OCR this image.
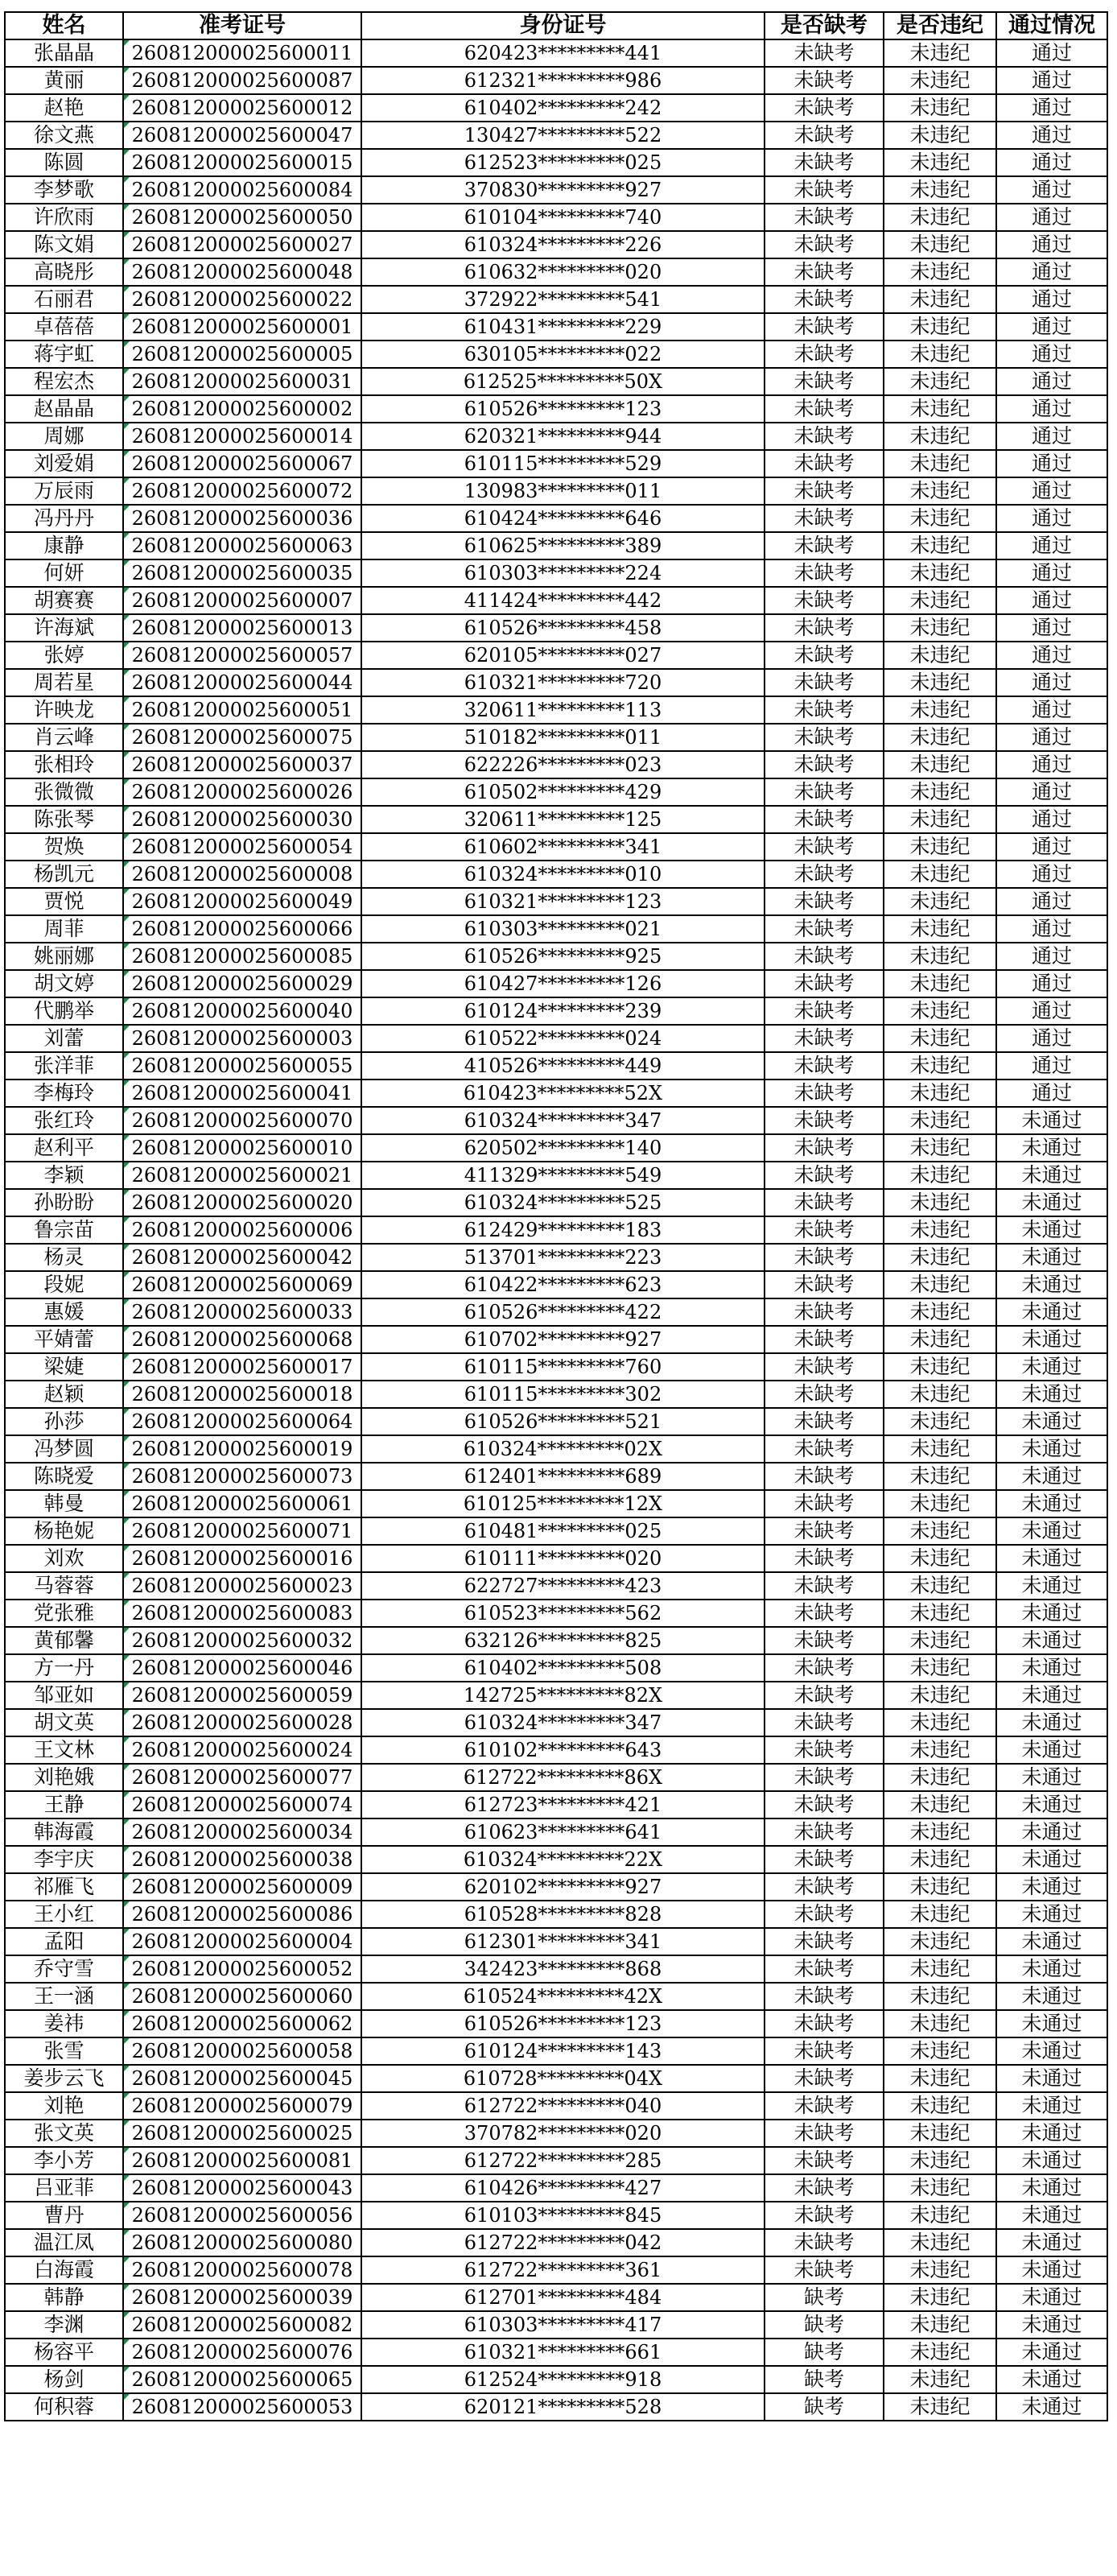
姓名	准考证号	身份证号	是否缺考	是否违纪	通过情况
张晶晶	260812000025600011	620423*********441	未缺考	未违纪	通过
黄丽	260812000025600087	612321*********986	未缺考	未违纪	通过
赵艳	260812000025600012	610402*********242	未缺考	未违纪	通过
徐文燕	260812000025600047	130427*********522	未缺考	未违纪	通过
陈圆	260812000025600015	612523*********025	未缺考	未违纪	通过
李梦歌	260812000025600084	370830*********927	未缺考	未违纪	通过
许欣雨	260812000025600050	610104*********740	未缺考	未违纪	通过
陈文娟	260812000025600027	610324*********226	未缺考	未违纪	通过
高晓彤	260812000025600048	610632*********020	未缺考	未违纪	通过
石丽君	260812000025600022	372922*********541	未缺考	未违纪	通过
卓蓓蓓	260812000025600001	610431*********229	未缺考	未违纪	通过
蒋宇虹	260812000025600005	630105*********022	未缺考	未违纪	通过
程宏杰	260812000025600031	612525*********50X	未缺考	未违纪	通过
赵晶晶	260812000025600002	610526*********123	未缺考	未违纪	通过
周娜	260812000025600014	620321*********944	未缺考	未违纪	通过
刘爱娟	260812000025600067	610115*********529	未缺考	未违纪	通过
万辰雨	260812000025600072	130983*********011	未缺考	未违纪	通过
冯丹丹	260812000025600036	610424*********646	未缺考	未违纪	通过
康静	260812000025600063	610625*********389	未缺考	未违纪	通过
何妍	260812000025600035	610303*********224	未缺考	未违纪	通过
胡赛赛	260812000025600007	411424*********442	未缺考	未违纪	通过
许海斌	260812000025600013	610526*********458	未缺考	未违纪	通过
张婷	260812000025600057	620105*********027	未缺考	未违纪	通过
周若星	260812000025600044	610321*********720	未缺考	未违纪	通过
许映龙	260812000025600051	320611*********113	未缺考	未违纪	通过
肖云峰	260812000025600075	510182*********011	未缺考	未违纪	通过
张相玲	260812000025600037	622226*********023	未缺考	未违纪	通过
张微微	260812000025600026	610502*********429	未缺考	未违纪	通过
陈张琴	260812000025600030	320611*********125	未缺考	未违纪	通过
贺焕	260812000025600054	610602*********341	未缺考	未违纪	通过
杨凯元	260812000025600008	610324*********010	未缺考	未违纪	通过
贾悦	260812000025600049	610321*********123	未缺考	未违纪	通过
周菲	260812000025600066	610303*********021	未缺考	未违纪	通过
姚丽娜	260812000025600085	610526*********925	未缺考	未违纪	通过
胡文婷	260812000025600029	610427*********126	未缺考	未违纪	通过
代鹏举	260812000025600040	610124*********239	未缺考	未违纪	通过
刘蕾	260812000025600003	610522*********024	未缺考	未违纪	通过
张洋菲	260812000025600055	410526*********449	未缺考	未违纪	通过
李梅玲	260812000025600041	610423*********52X	未缺考	未违纪	通过
张红玲	260812000025600070	610324*********347	未缺考	未违纪	未通过
赵利平	260812000025600010	620502*********140	未缺考	未违纪	未通过
李颖	260812000025600021	411329*********549	未缺考	未违纪	未通过
孙盼盼	260812000025600020	610324*********525	未缺考	未违纪	未通过
鲁宗苗	260812000025600006	612429*********183	未缺考	未违纪	未通过
杨灵	260812000025600042	513701*********223	未缺考	未违纪	未通过
段妮	260812000025600069	610422*********623	未缺考	未违纪	未通过
惠媛	260812000025600033	610526*********422	未缺考	未违纪	未通过
平婧蕾	260812000025600068	610702*********927	未缺考	未违纪	未通过
梁婕	260812000025600017	610115*********760	未缺考	未违纪	未通过
赵颖	260812000025600018	610115*********302	未缺考	未违纪	未通过
孙莎	260812000025600064	610526*********521	未缺考	未违纪	未通过
冯梦圆	260812000025600019	610324*********02X	未缺考	未违纪	未通过
陈晓爱	260812000025600073	612401*********689	未缺考	未违纪	未通过
韩曼	260812000025600061	610125*********12X	未缺考	未违纪	未通过
杨艳妮	260812000025600071	610481*********025	未缺考	未违纪	未通过
刘欢	260812000025600016	610111*********020	未缺考	未违纪	未通过
马蓉蓉	260812000025600023	622727*********423	未缺考	未违纪	未通过
党张雅	260812000025600083	610523*********562	未缺考	未违纪	未通过
黄郁馨	260812000025600032	632126*********825	未缺考	未违纪	未通过
方一丹	260812000025600046	610402*********508	未缺考	未违纪	未通过
邹亚如	260812000025600059	142725*********82X	未缺考	未违纪	未通过
胡文英	260812000025600028	610324*********347	未缺考	未违纪	未通过
王文林	260812000025600024	610102*********643	未缺考	未违纪	未通过
刘艳娥	260812000025600077	612722*********86X	未缺考	未违纪	未通过
王静	260812000025600074	612723*********421	未缺考	未违纪	未通过
韩海霞	260812000025600034	610623*********641	未缺考	未违纪	未通过
李宇庆	260812000025600038	610324*********22X	未缺考	未违纪	未通过
祁雁飞	260812000025600009	620102*********927	未缺考	未违纪	未通过
王小红	260812000025600086	610528*********828	未缺考	未违纪	未通过
孟阳	260812000025600004	612301*********341	未缺考	未违纪	未通过
乔守雪	260812000025600052	342423*********868	未缺考	未违纪	未通过
王一涵	260812000025600060	610524*********42X	未缺考	未违纪	未通过
姜祎	260812000025600062	610526*********123	未缺考	未违纪	未通过
张雪	260812000025600058	610124*********143	未缺考	未违纪	未通过
姜步云飞	260812000025600045	610728*********04X	未缺考	未违纪	未通过
刘艳	260812000025600079	612722*********040	未缺考	未违纪	未通过
张文英	260812000025600025	370782*********020	未缺考	未违纪	未通过
李小芳	260812000025600081	612722*********285	未缺考	未违纪	未通过
吕亚菲	260812000025600043	610426*********427	未缺考	未违纪	未通过
曹丹	260812000025600056	610103*********845	未缺考	未违纪	未通过
温江凤	260812000025600080	612722*********042	未缺考	未违纪	未通过
白海霞	260812000025600078	612722*********361	未缺考	未违纪	未通过
韩静	260812000025600039	612701*********484	缺考	未违纪	未通过
李渊	260812000025600082	610303*********417	缺考	未违纪	未通过
杨容平	260812000025600076	610321*********661	缺考	未违纪	未通过
杨剑	260812000025600065	612524*********918	缺考	未违纪	未通过
何积蓉	260812000025600053	620121*********528	缺考	未违纪	未通过
